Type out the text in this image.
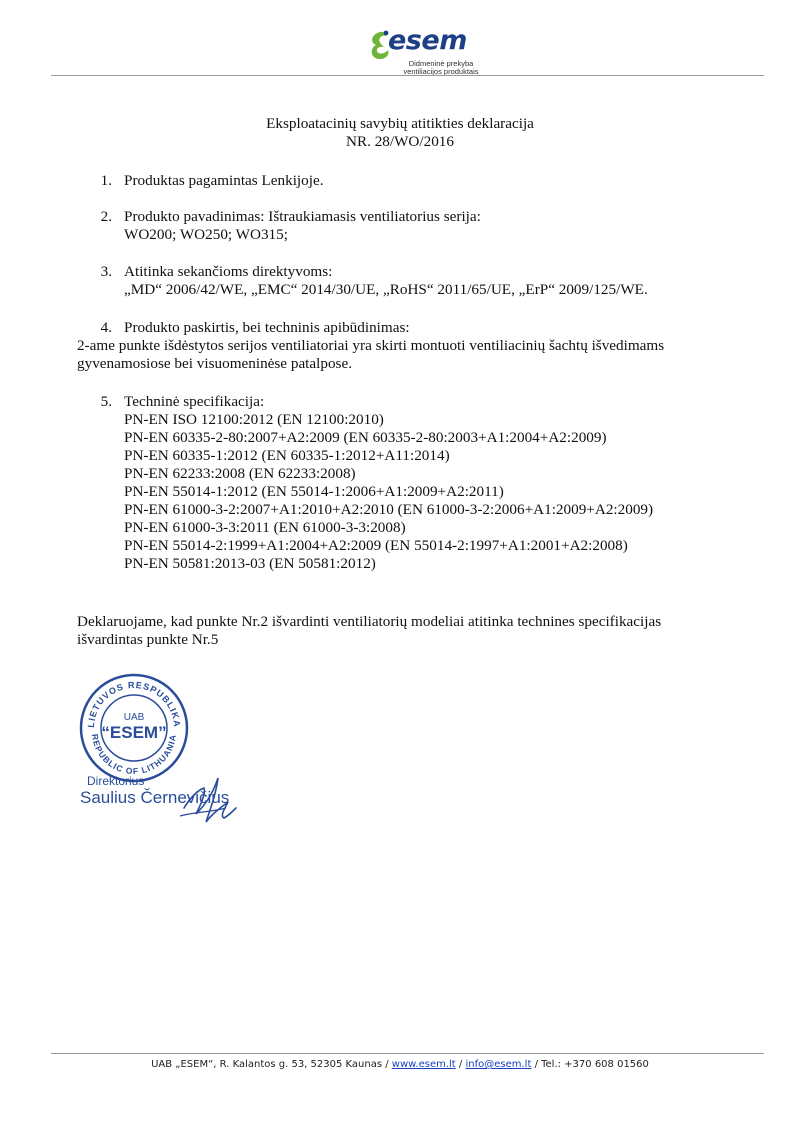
esem
Didmeninė prekyba
ventiliacijos produktais
Eksploatacinių savybių atitikties deklaracija
NR. 28/WO/2016
1. Produktas pagamintas Lenkijoje.
2. Produkto pavadinimas: Ištraukiamasis ventiliatorius serija:
WO200; WO250; WO315;
3. Atitinka sekančioms direktyvoms:
„MD“ 2006/42/WE, „EMC“ 2014/30/UE, „RoHS“ 2011/65/UE, „ErP“ 2009/125/WE.
4. Produkto paskirtis, bei techninis apibūdinimas:
2-ame punkte išdėstytos serijos ventiliatoriai yra skirti montuoti ventiliacinių šachtų išvedimams
gyvenamosiose bei visuomeninėse patalpose.
5. Techninė specifikacija:
PN-EN ISO 12100:2012 (EN 12100:2010)
PN-EN 60335-2-80:2007+A2:2009 (EN 60335-2-80:2003+A1:2004+A2:2009)
PN-EN 60335-1:2012 (EN 60335-1:2012+A11:2014)
PN-EN 62233:2008 (EN 62233:2008)
PN-EN 55014-1:2012 (EN 55014-1:2006+A1:2009+A2:2011)
PN-EN 61000-3-2:2007+A1:2010+A2:2010 (EN 61000-3-2:2006+A1:2009+A2:2009)
PN-EN 61000-3-3:2011 (EN 61000-3-3:2008)
PN-EN 55014-2:1999+A1:2004+A2:2009 (EN 55014-2:1997+A1:2001+A2:2008)
PN-EN 50581:2013-03 (EN 50581:2012)
Deklaruojame, kad punkte Nr.2 išvardinti ventiliatorių modeliai atitinka technines specifikacijas
išvardintas punkte Nr.5
LIETUVOS RESPUBLIKA
REPUBLIC OF LITHUANIA
UAB
“ESEM”
Direktorius
Saulius Černevičius
UAB „ESEM“, R. Kalantos g. 53, 52305 Kaunas / www.esem.lt / info@esem.lt / Tel.: +370 608 01560
